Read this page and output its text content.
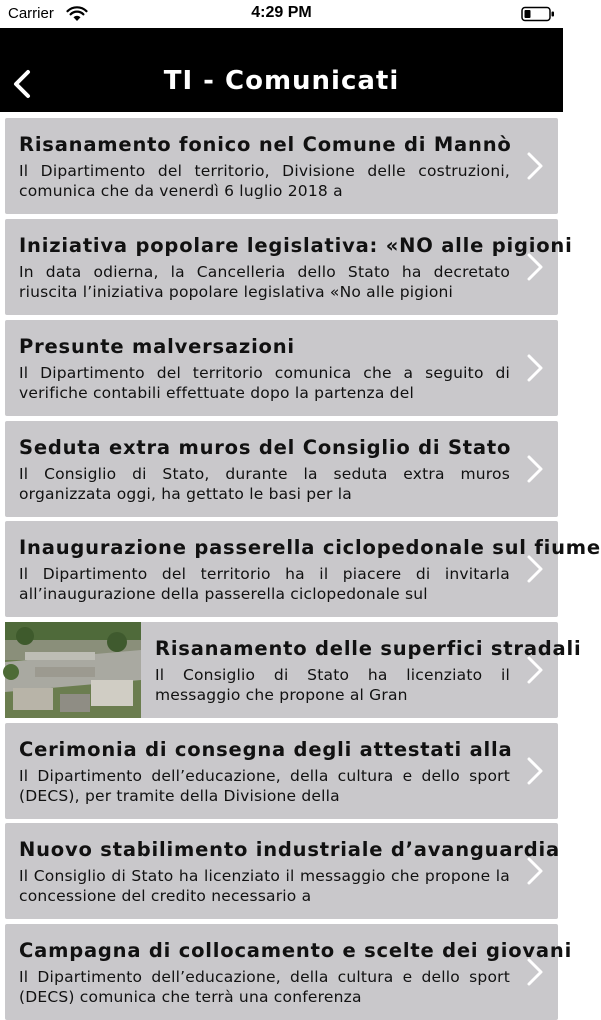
Carrier	4:29 PM
TI - Comunicati
Risanamento fonico nel Comune di Mannò
Il Dipartimento del territorio, Divisione delle costruzioni, comunica che da venerdì 6 luglio 2018 a
Iniziativa popolare legislativa: «NO alle pigioni
In data odierna, la Cancelleria dello Stato ha decretato riuscita l’iniziativa popolare legislativa «No alle pigioni
Presunte malversazioni
Il Dipartimento del territorio comunica che a seguito di verifiche contabili effettuate dopo la partenza del
Seduta extra muros del Consiglio di Stato
Il Consiglio di Stato, durante la seduta extra muros organizzata oggi, ha gettato le basi per la
Inaugurazione passerella ciclopedonale sul fiume
Il Dipartimento del territorio ha il piacere di invitarla all’inaugurazione della passerella ciclopedonale sul
Risanamento delle superfici stradali
Il Consiglio di Stato ha licenziato il messaggio che propone al Gran
Cerimonia di consegna degli attestati alla
Il Dipartimento dell’educazione, della cultura e dello sport (DECS), per tramite della Divisione della
Nuovo stabilimento industriale d’avanguardia
Il Consiglio di Stato ha licenziato il messaggio che propone la concessione del credito necessario a
Campagna di collocamento e scelte dei giovani
Il Dipartimento dell’educazione, della cultura e dello sport (DECS) comunica che terrà una conferenza
